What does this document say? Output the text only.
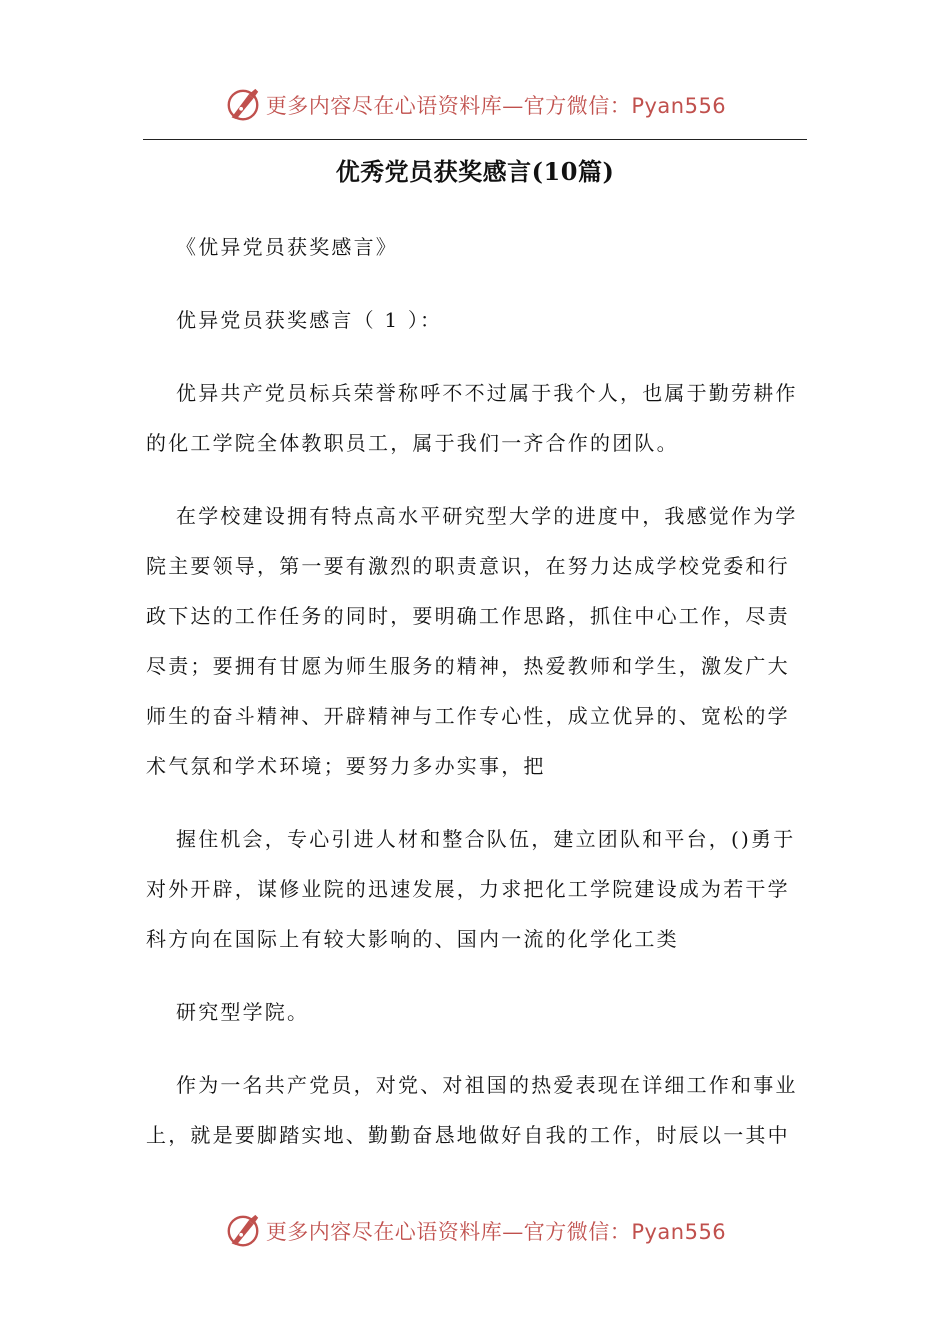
更多内容尽在心语资料库—官方微信：Pyan556
优秀党员获奖感言(10篇)

《优异党员获奖感言》

优异党员获奖感言（ 1 ）：

优异共产党员标兵荣誉称呼不不过属于我个人，也属于勤劳耕作的化工学院全体教职员工，属于我们一齐合作的团队。

在学校建设拥有特点高水平研究型大学的进度中，我感觉作为学院主要领导，第一要有激烈的职责意识，在努力达成学校党委和行政下达的工作任务的同时，要明确工作思路，抓住中心工作，尽责尽责；要拥有甘愿为师生服务的精神，热爱教师和学生，激发广大师生的奋斗精神、开辟精神与工作专心性，成立优异的、宽松的学术气氛和学术环境；要努力多办实事，把

握住机会，专心引进人材和整合队伍，建立团队和平台，()勇于对外开辟，谋修业院的迅速发展，力求把化工学院建设成为若干学科方向在国际上有较大影响的、国内一流的化学化工类

研究型学院。

作为一名共产党员，对党、对祖国的热爱表现在详细工作和事业上，就是要脚踏实地、勤勤奋恳地做好自我的工作，时辰以一其中

更多内容尽在心语资料库—官方微信：Pyan556
